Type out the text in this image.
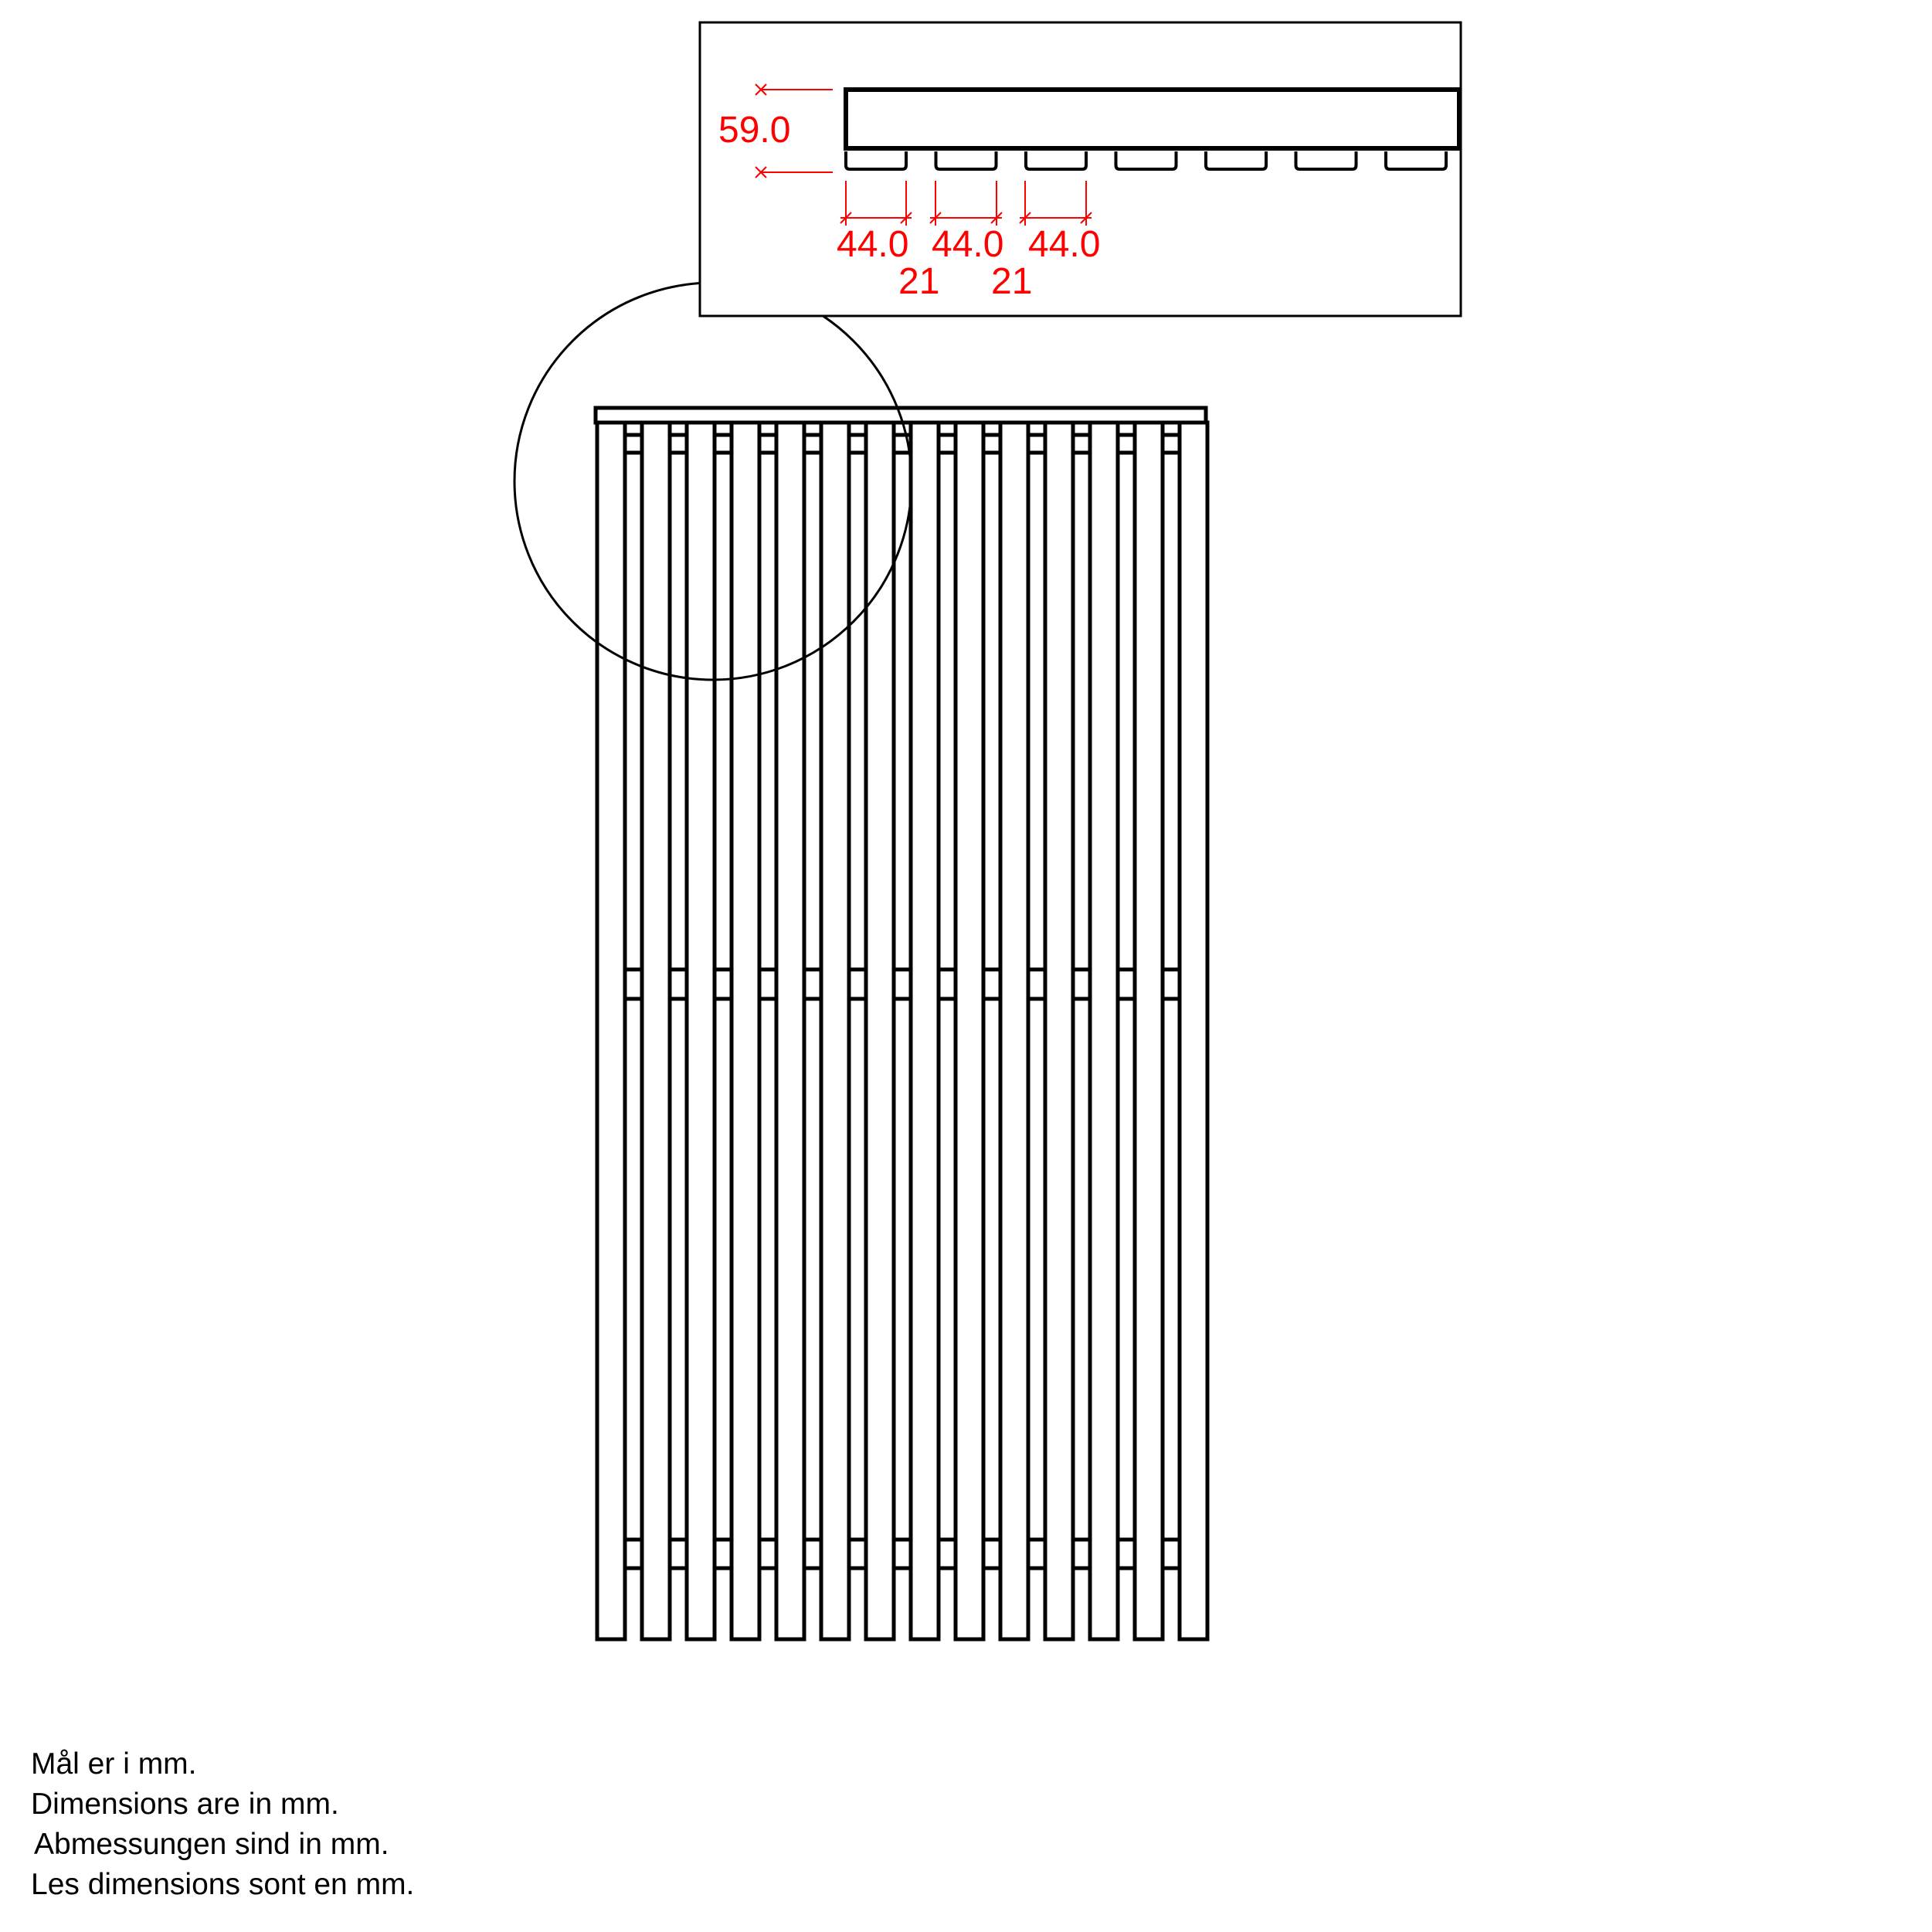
59.0
44.0 44.0 44.0
21 21
Mål er i mm.
Dimensions are in mm.
Abmessungen sind in mm.
Les dimensions sont en mm.
